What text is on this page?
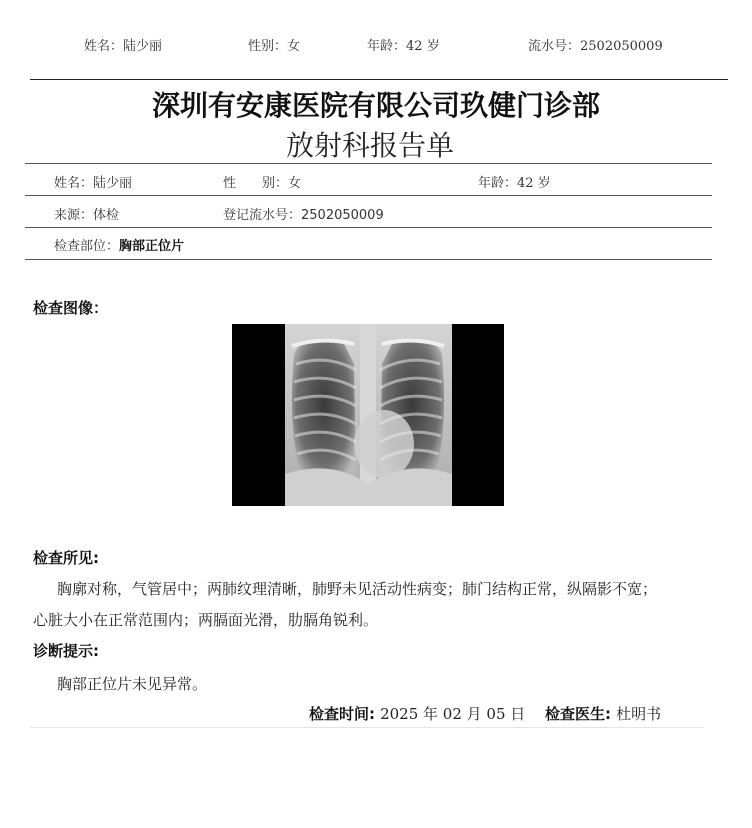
姓名：陆少丽	性别：女	年龄：42 岁	流水号：2502050009
深圳有安康医院有限公司玖健门诊部
放射科报告单
姓名：陆少丽	性　　别：女	年龄：42 岁
来源：体检	登记流水号：2502050009
检查部位：胸部正位片
检查图像：
检查所见:
胸廓对称，气管居中；两肺纹理清晰，肺野未见活动性病变；肺门结构正常，纵隔影不宽；
心脏大小在正常范围内；两膈面光滑，肋膈角锐利。
诊断提示:
胸部正位片未见异常。
检查时间: 2025 年 02 月 05 日 检查医生: 杜明书
